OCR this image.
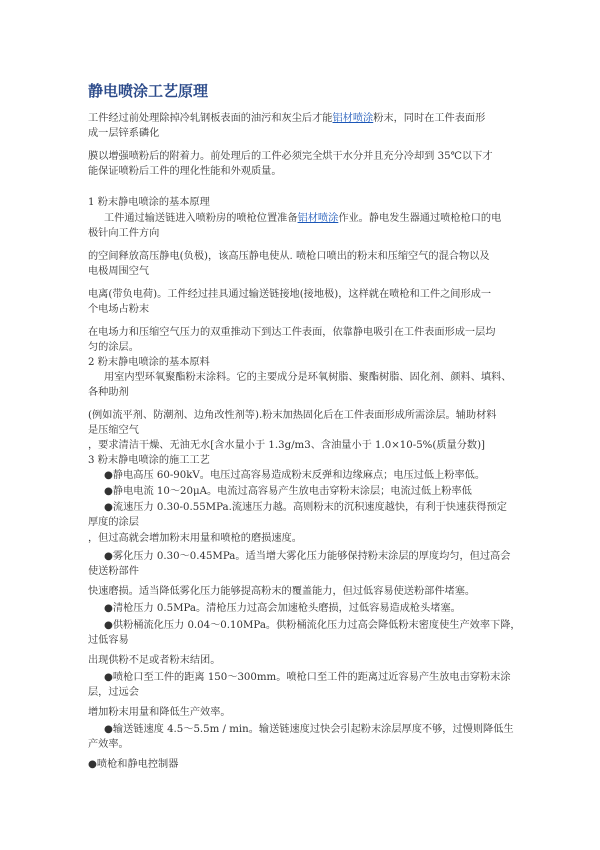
静电喷涂工艺原理
工件经过前处理除掉冷轧钢板表面的油污和灰尘后才能铝材喷涂粉末，同时在工件表面形
成一层锌系磷化
膜以增强喷粉后的附着力。前处理后的工件必须完全烘干水分并且充分冷却到 35℃以下才
能保证喷粉后工件的理化性能和外观质量。
1 粉末静电喷涂的基本原理
工件通过输送链进入喷粉房的喷枪位置准备铝材喷涂作业。静电发生器通过喷枪枪口的电
极针向工件方向
的空间释放高压静电(负极)，该高压静电使从. 喷枪口喷出的粉末和压缩空气的混合物以及
电极周围空气
电离(带负电荷)。工件经过挂具通过输送链接地(接地极)，这样就在喷枪和工件之间形成一
个电场占粉末
在电场力和压缩空气压力的双重推动下到达工件表面，依靠静电吸引在工件表面形成一层均
匀的涂层。
2 粉末静电喷涂的基本原料
用室内型环氧聚酯粉末涂料。它的主要成分是环氧树脂、聚酯树脂、固化剂、颜料、填料、
各种助剂
(例如流平剂、防潮剂、边角改性剂等).粉末加热固化后在工件表面形成所需涂层。辅助材料
是压缩空气
，要求清洁干燥、无油无水[含水量小于 1.3g/m3、含油量小于 1.0×10-5%(质量分数)]
3 粉末静电喷涂的施工工艺
●静电高压 60-90kV。电压过高容易造成粉末反弹和边缘麻点；电压过低上粉率低。
●静电电流 10～20μA。电流过高容易产生放电击穿粉末涂层；电流过低上粉率低
●流速压力 0.30-0.55MPa.流速压力越。高则粉末的沉积速度越快，有利于快速获得预定
厚度的涂层
，但过高就会增加粉末用量和喷枪的磨损速度。
●雾化压力 0.30～0.45MPa。适当增大雾化压力能够保持粉末涂层的厚度均匀，但过高会
使送粉部件
快速磨损。适当降低雾化压力能够提高粉末的覆盖能力，但过低容易使送粉部件堵塞。
●清枪压力 0.5MPa。清枪压力过高会加速枪头磨损，过低容易造成枪头堵塞。
●供粉桶流化压力 0.04～0.10MPa。供粉桶流化压力过高会降低粉末密度使生产效率下降，
过低容易
出现供粉不足或者粉末结团。
●喷枪口至工件的距离 150～300mm。喷枪口至工件的距离过近容易产生放电击穿粉末涂
层，过远会
增加粉末用量和降低生产效率。
●输送链速度 4.5～5.5m / min。输送链速度过快会引起粉末涂层厚度不够，过慢则降低生
产效率。
●喷枪和静电控制器
